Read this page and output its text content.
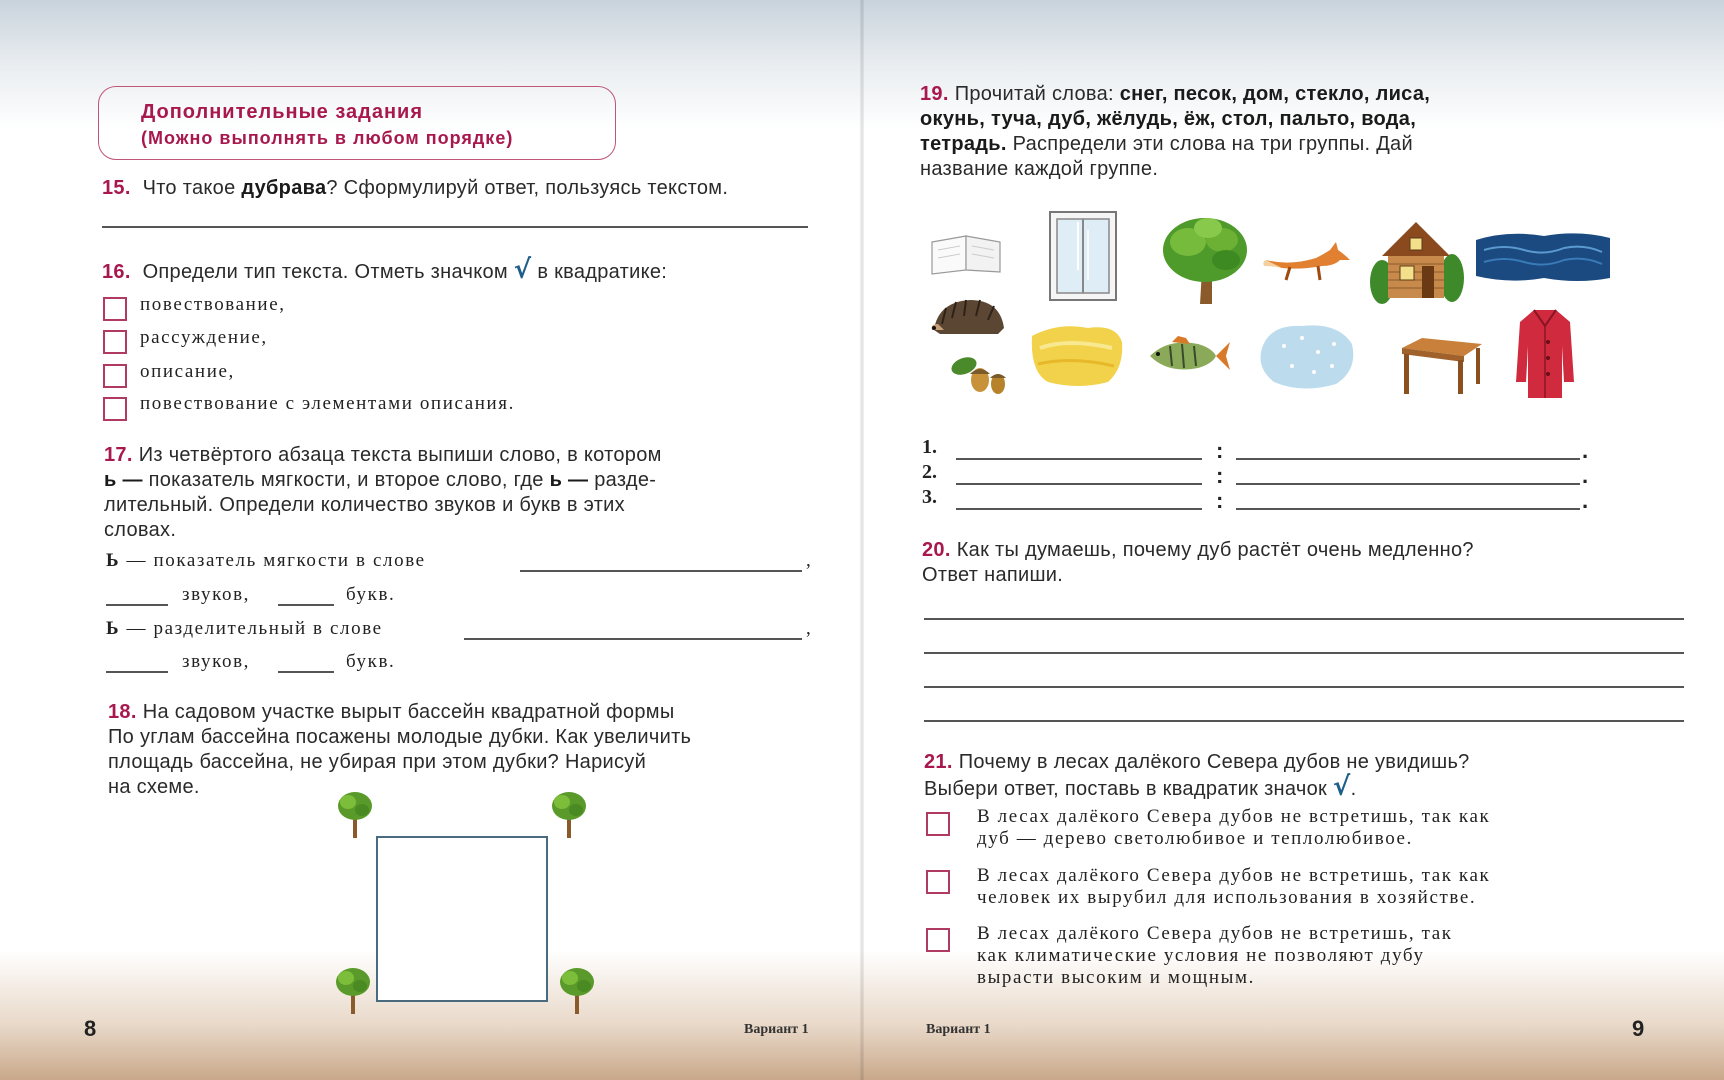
Дополнительные задания
(Можно выполнять в любом порядке)
15. Что такое дубрава? Сформулируй ответ, пользуясь текстом.
16. Определи тип текста. Отметь значком √ в квадратике:
повествование,
рассуждение,
описание,
повествование с элементами описания.
17. Из четвёртого абзаца текста выпиши слово, в котором
ь — показатель мягкости, и второе слово, где ь — разде-
лительный. Определи количество звуков и букв в этих
словах.
Ь — показатель мягкости в слове	,
звуков,	букв.
Ь — разделительный в слове	,
звуков,	букв.
18. На садовом участке вырыт бассейн квадратной формы
По углам бассейна посажены молодые дубки. Как увеличить
площадь бассейна, не убирая при этом дубки? Нарисуй
на схеме.
8	Вариант 1
19. Прочитай слова: снег, песок, дом, стекло, лиса,
окунь, туча, дуб, жёлудь, ёж, стол, пальто, вода,
тетрадь. Распредели эти слова на три группы. Дай
название каждой группе.
1.	:	.
2.	:	.
3.	:	.
20. Как ты думаешь, почему дуб растёт очень медленно?
Ответ напиши.
21. Почему в лесах далёкого Севера дубов не увидишь?
Выбери ответ, поставь в квадратик значок √.
В лесах далёкого Севера дубов не встретишь, так как
дуб — дерево светолюбивое и теплолюбивое.
В лесах далёкого Севера дубов не встретишь, так как
человек их вырубил для использования в хозяйстве.
В лесах далёкого Севера дубов не встретишь, так
как климатические условия не позволяют дубу
вырасти высоким и мощным.
Вариант 1	9
